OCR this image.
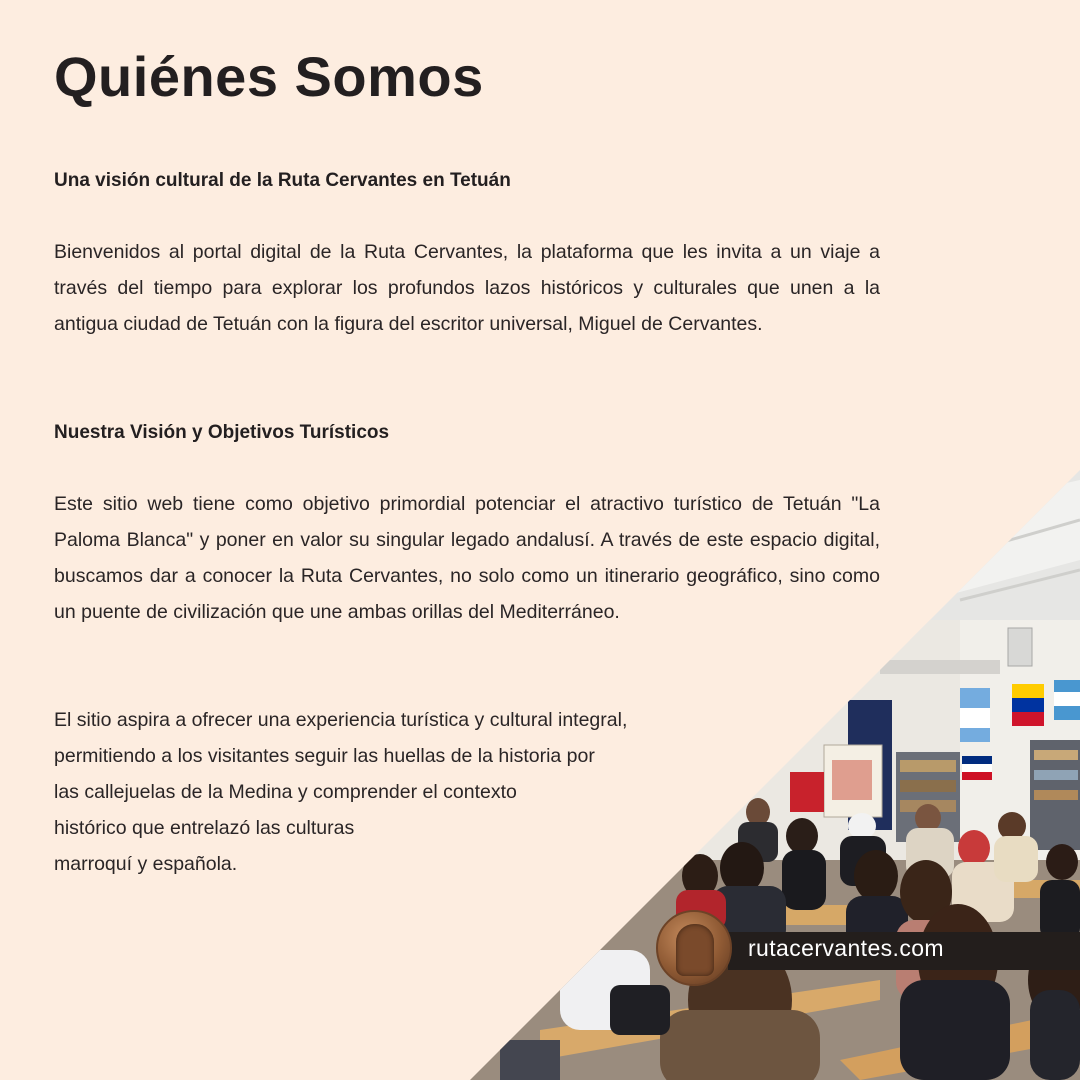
Quiénes Somos
Una visión cultural de la Ruta Cervantes en Tetuán

Bienvenidos al portal digital de la Ruta Cervantes, la plataforma que les invita a un viaje a través del tiempo para explorar los profundos lazos históricos y culturales que unen a la antigua ciudad de Tetuán con la figura del escritor universal, Miguel de Cervantes.

Nuestra Visión y Objetivos Turísticos

Este sitio web tiene como objetivo primordial potenciar el atractivo turístico de Tetuán "La Paloma Blanca" y poner en valor su singular legado andalusí. A través de este espacio digital, buscamos dar a conocer la Ruta Cervantes, no solo como un itinerario geográfico, sino como un puente de civilización que une ambas orillas del Mediterráneo.

El sitio aspira a ofrecer una experiencia turística y cultural integral,
permitiendo a los visitantes seguir las huellas de la historia por
las callejuelas de la Medina y comprender el contexto
histórico que entrelazó las culturas
marroquí y española.

rutacervantes.com
